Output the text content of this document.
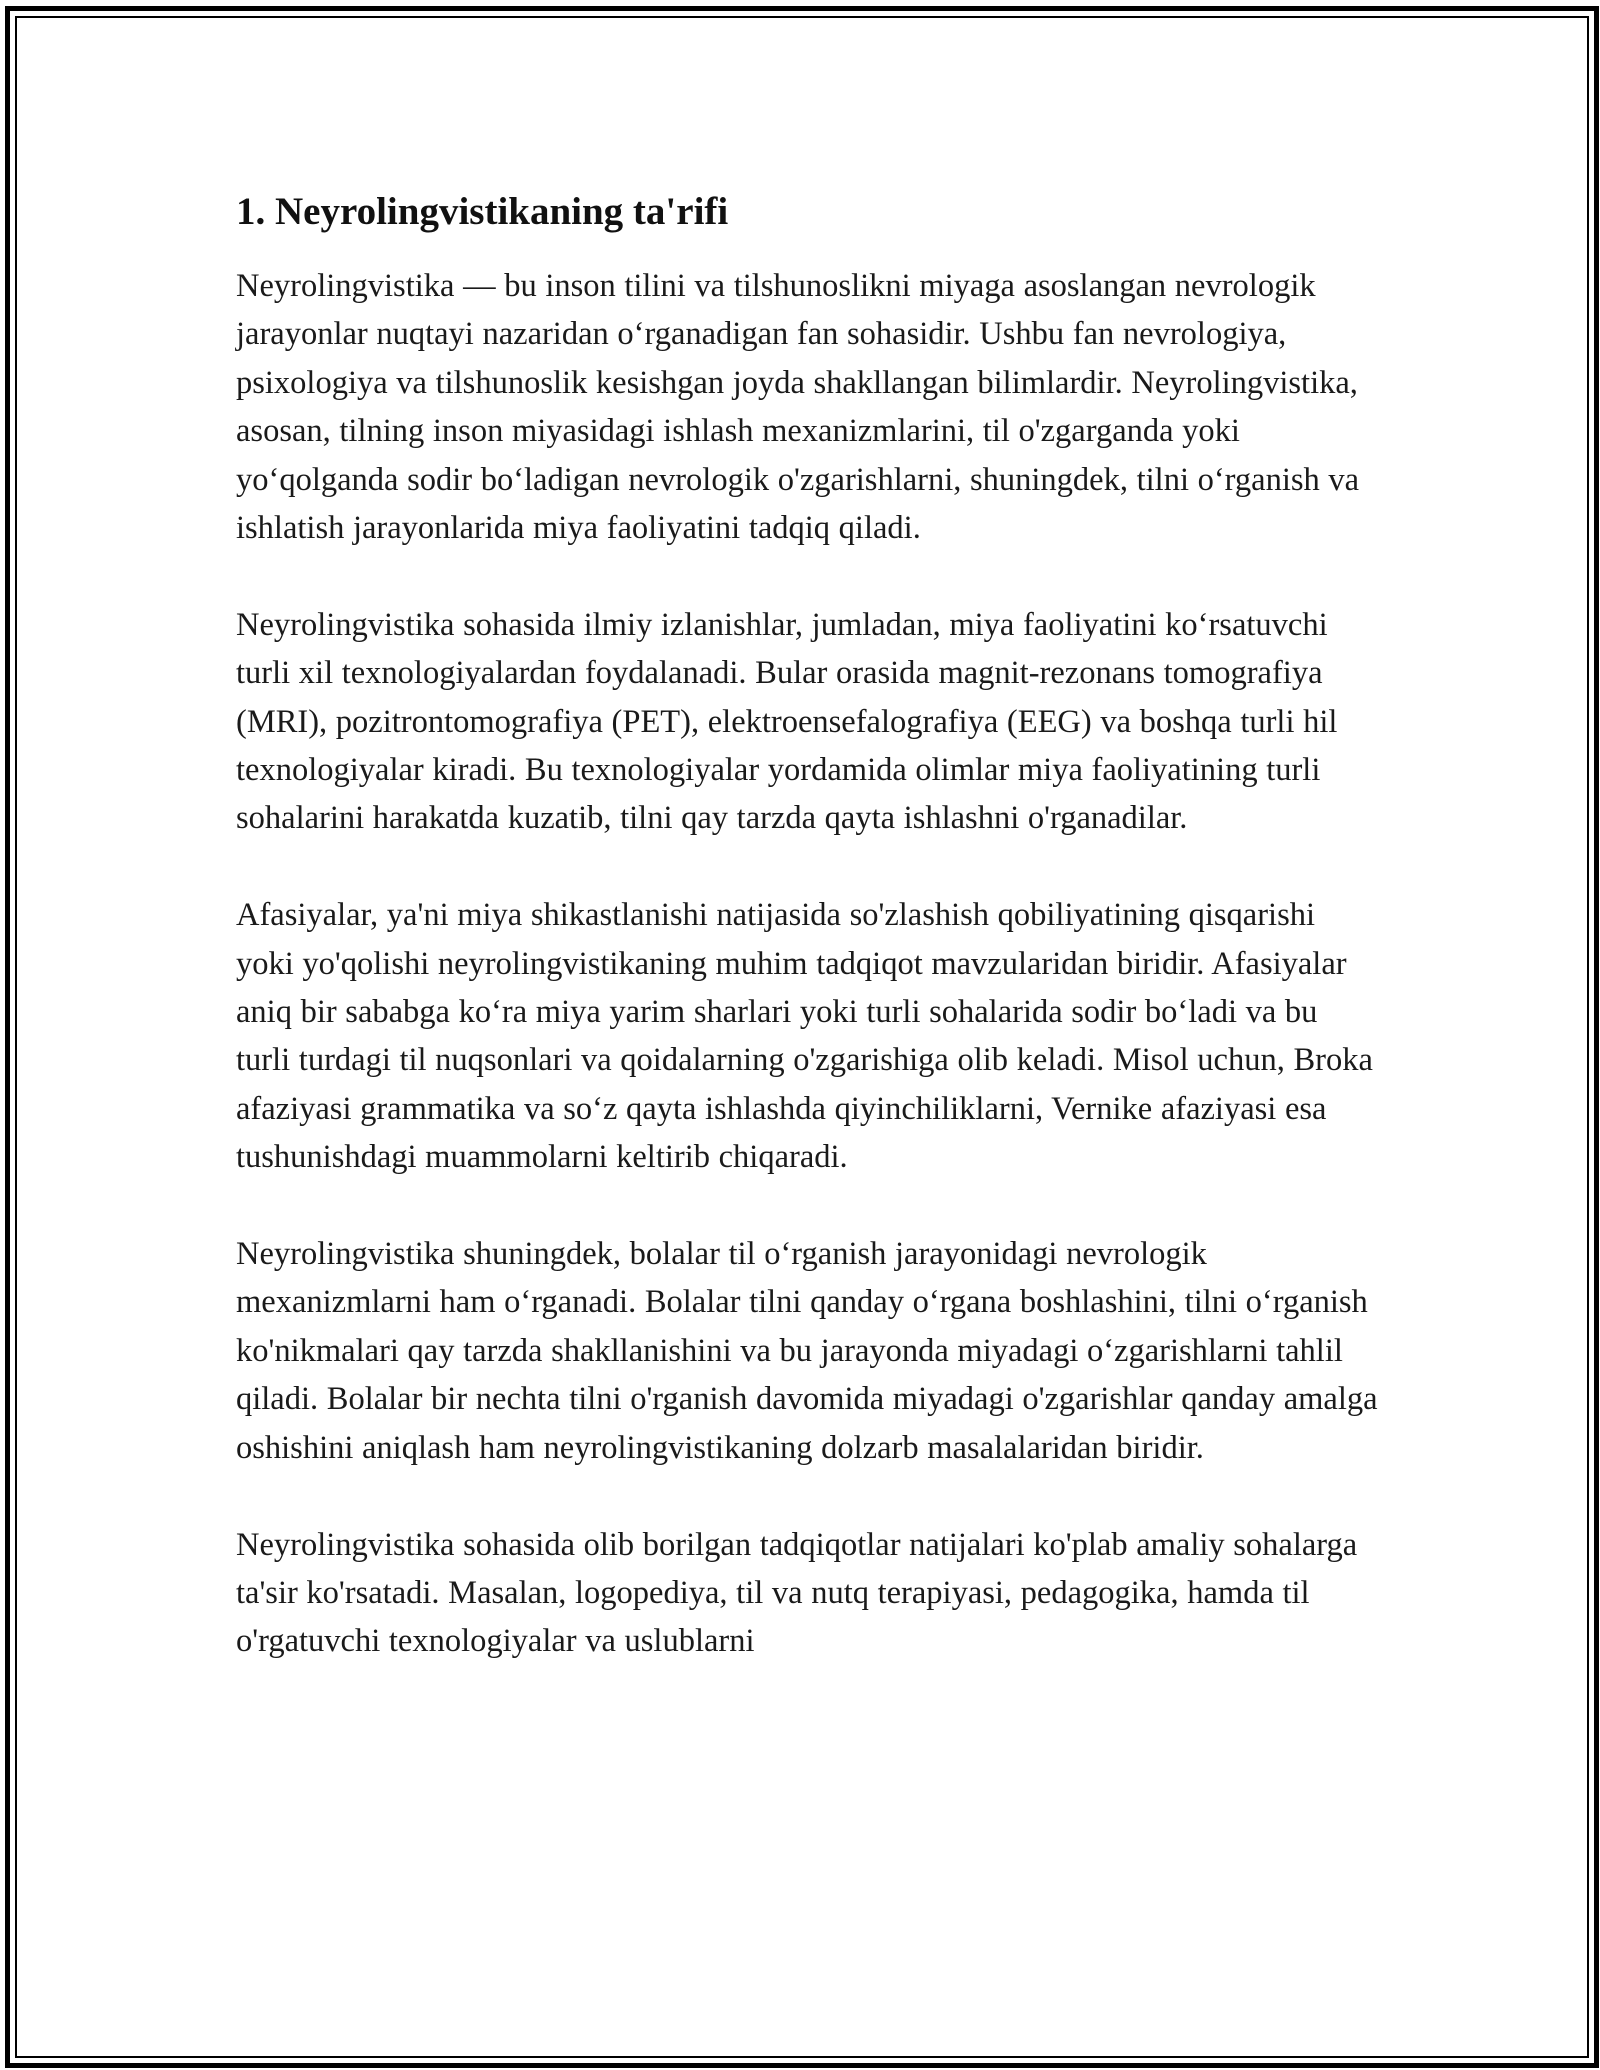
1. Neyrolingvistikaning ta'rifi

Neyrolingvistika — bu inson tilini va tilshunoslikni miyaga asoslangan nevrologik jarayonlar nuqtayi nazaridan o‘rganadigan fan sohasidir. Ushbu fan nevrologiya, psixologiya va tilshunoslik kesishgan joyda shakllangan bilimlardir. Neyrolingvistika, asosan, tilning inson miyasidagi ishlash mexanizmlarini, til o'zgarganda yoki yo‘qolganda sodir bo‘ladigan nevrologik o'zgarishlarni, shuningdek, tilni o‘rganish va ishlatish jarayonlarida miya faoliyatini tadqiq qiladi.

Neyrolingvistika sohasida ilmiy izlanishlar, jumladan, miya faoliyatini ko‘rsatuvchi turli xil texnologiyalardan foydalanadi. Bular orasida magnit-rezonans tomografiya (MRI), pozitrontomografiya (PET), elektroensefalografiya (EEG) va boshqa turli hil texnologiyalar kiradi. Bu texnologiyalar yordamida olimlar miya faoliyatining turli sohalarini harakatda kuzatib, tilni qay tarzda qayta ishlashni o'rganadilar.

Afasiyalar, ya'ni miya shikastlanishi natijasida so'zlashish qobiliyatining qisqarishi yoki yo'qolishi neyrolingvistikaning muhim tadqiqot mavzularidan biridir. Afasiyalar aniq bir sababga ko‘ra miya yarim sharlari yoki turli sohalarida sodir bo‘ladi va bu turli turdagi til nuqsonlari va qoidalarning o'zgarishiga olib keladi. Misol uchun, Broka afaziyasi grammatika va so‘z qayta ishlashda qiyinchiliklarni, Vernike afaziyasi esa tushunishdagi muammolarni keltirib chiqaradi.

Neyrolingvistika shuningdek, bolalar til o‘rganish jarayonidagi nevrologik mexanizmlarni ham o‘rganadi. Bolalar tilni qanday o‘rgana boshlashini, tilni o‘rganish ko'nikmalari qay tarzda shakllanishini va bu jarayonda miyadagi o‘zgarishlarni tahlil qiladi. Bolalar bir nechta tilni o'rganish davomida miyadagi o'zgarishlar qanday amalga oshishini aniqlash ham neyrolingvistikaning dolzarb masalalaridan biridir.

Neyrolingvistika sohasida olib borilgan tadqiqotlar natijalari ko'plab amaliy sohalarga ta'sir ko'rsatadi. Masalan, logopediya, til va nutq terapiyasi, pedagogika, hamda til o'rgatuvchi texnologiyalar va uslublarni
